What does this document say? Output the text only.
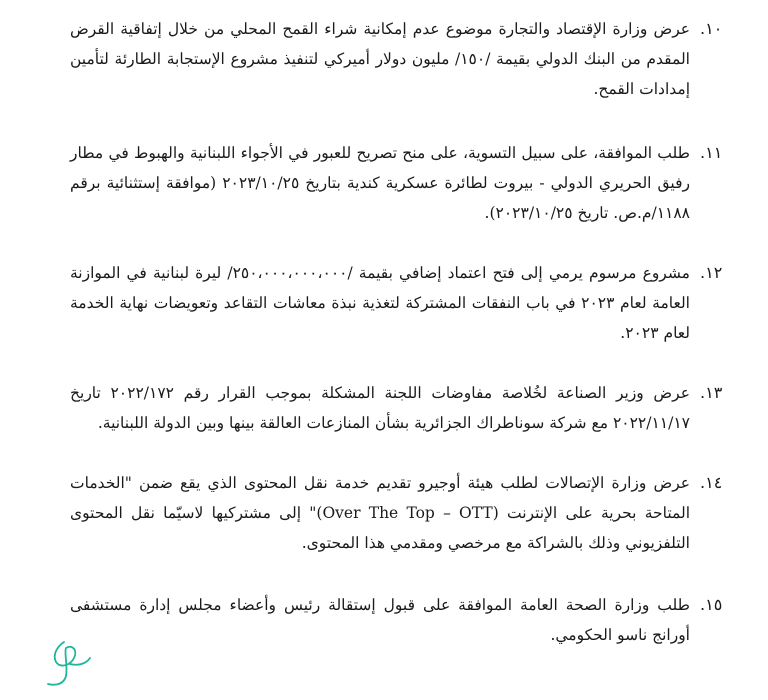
١٠.

عرض وزارة الإقتصاد والتجارة موضوع عدم إمكانية شراء القمح المحلي من خلال إتفاقية القرض المقدم من البنك الدولي بقيمة /١٥٠/ مليون دولار أميركي لتنفيذ مشروع الإستجابة الطارئة لتأمين إمدادات القمح.

١١.

طلب الموافقة، على سبيل التسوية، على منح تصريح للعبور في الأجواء اللبنانية والهبوط في مطار رفيق الحريري الدولي - بيروت لطائرة عسكرية كندية بتاريخ ٢٠٢٣/١٠/٢٥ (موافقة إستثنائية برقم ١١٨٨/م.ص. تاريخ ٢٠٢٣/١٠/٢٥).

١٢.

مشروع مرسوم يرمي إلى فتح اعتماد إضافي بقيمة /٢٥٠،٠٠٠،٠٠٠،٠٠٠/ ليرة لبنانية في الموازنة العامة لعام ٢٠٢٣ في باب النفقات المشتركة لتغذية نبذة معاشات التقاعد وتعويضات نهاية الخدمة لعام ٢٠٢٣.

١٣.

عرض وزير الصناعة لخُلاصة مفاوضات اللجنة المشكلة بموجب القرار رقم ٢٠٢٢/١٧٢ تاريخ ٢٠٢٢/١١/١٧ مع شركة سوناطراك الجزائرية بشأن المنازعات العالقة بينها وبين الدولة اللبنانية.

١٤.

عرض وزارة الإتصالات لطلب هيئة أوجيرو تقديم خدمة نقل المحتوى الذي يقع ضمن "الخدمات المتاحة بحرية على الإنترنت (Over The Top – OTT)" إلى مشتركيها لاسيّما نقل المحتوى التلفزيوني وذلك بالشراكة مع مرخصي ومقدمي هذا المحتوى.

١٥.

طلب وزارة الصحة العامة الموافقة على قبول إستقالة رئيس وأعضاء مجلس إدارة مستشفى أورانج ناسو الحكومي.
